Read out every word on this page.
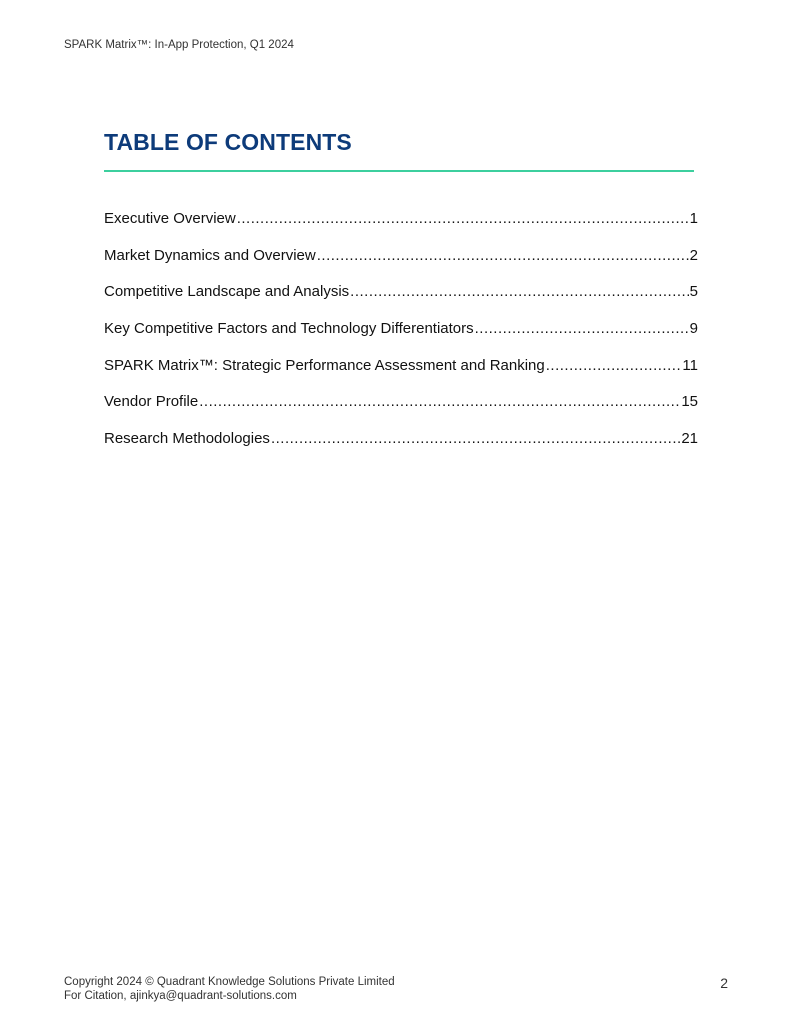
SPARK Matrix™: In-App Protection, Q1 2024
TABLE OF CONTENTS
Executive Overview .....	1
Market Dynamics and Overview .....	2
Competitive Landscape and Analysis .....	5
Key Competitive Factors and Technology Differentiators .....	9
SPARK Matrix™: Strategic Performance Assessment and Ranking .....	11
Vendor Profile .....	15
Research Methodologies .....	21
Copyright 2024 © Quadrant Knowledge Solutions Private Limited
For Citation, ajinkya@quadrant-solutions.com
2
